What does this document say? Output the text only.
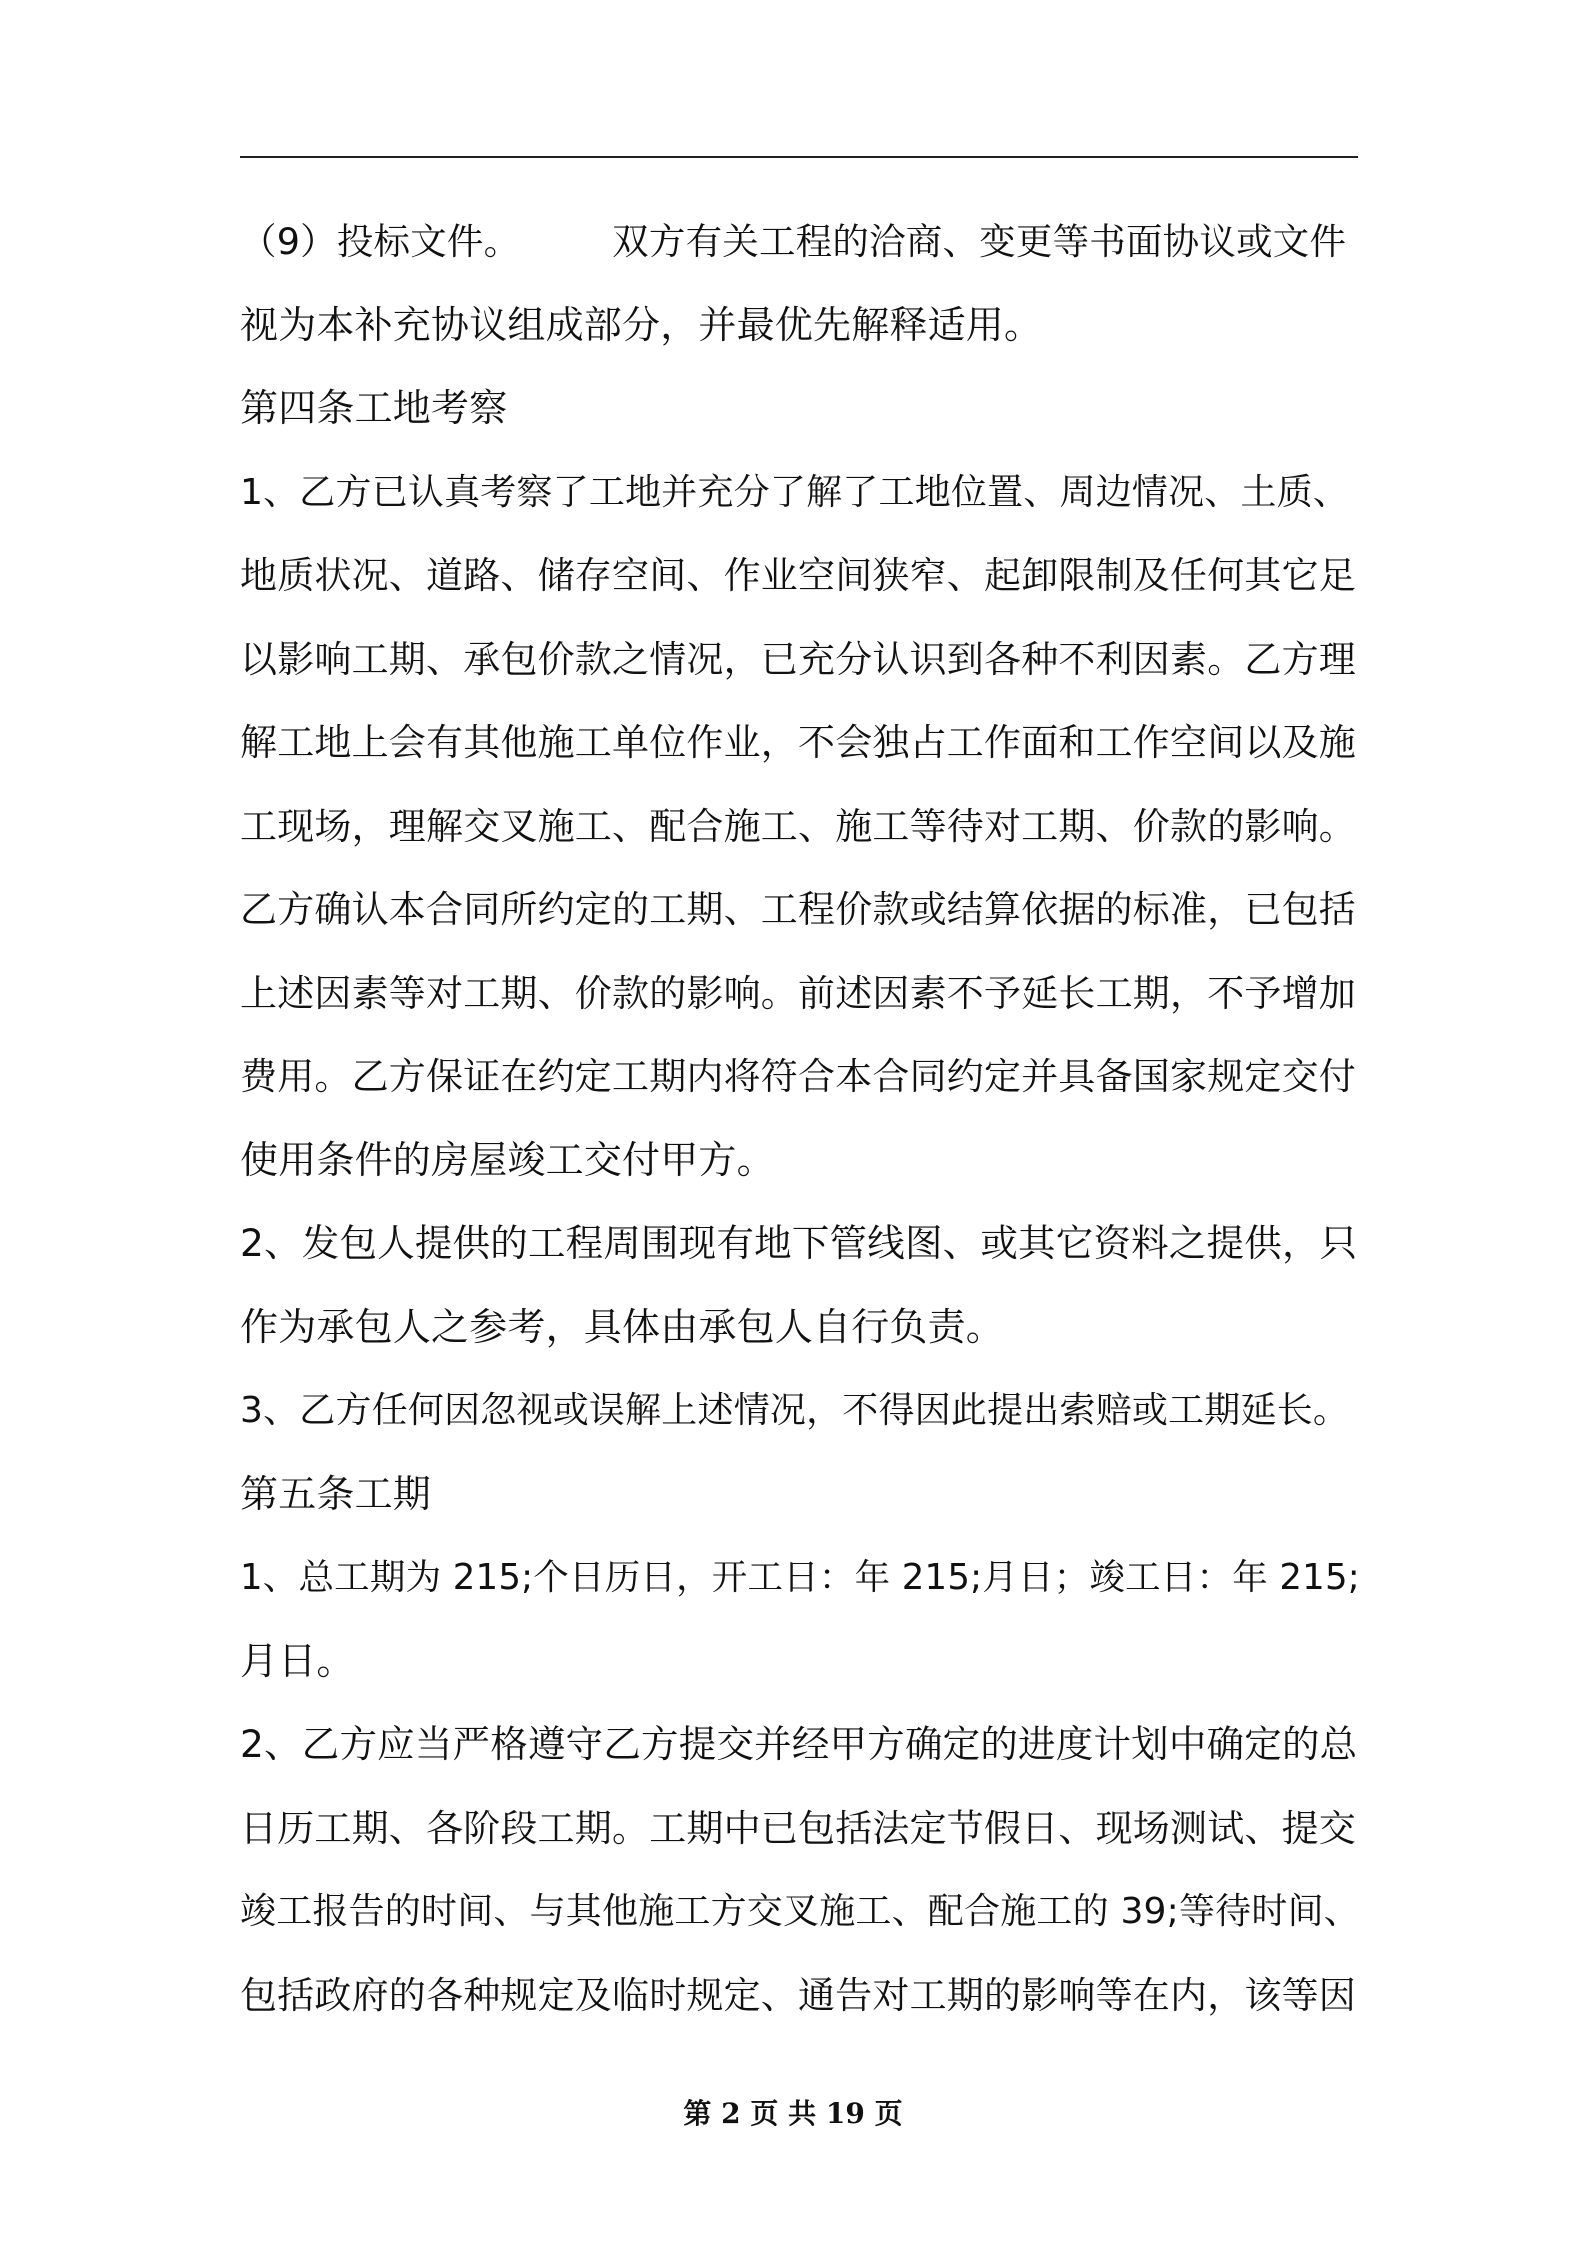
（9）投标文件。　　　双方有关工程的洽商、变更等书面协议或文件
视为本补充协议组成部分，并最优先解释适用。
第四条工地考察
1、乙方已认真考察了工地并充分了解了工地位置、周边情况、土质、
地质状况、道路、储存空间、作业空间狭窄、起卸限制及任何其它足
以影响工期、承包价款之情况，已充分认识到各种不利因素。乙方理
解工地上会有其他施工单位作业，不会独占工作面和工作空间以及施
工现场，理解交叉施工、配合施工、施工等待对工期、价款的影响。
乙方确认本合同所约定的工期、工程价款或结算依据的标准，已包括
上述因素等对工期、价款的影响。前述因素不予延长工期，不予增加
费用。乙方保证在约定工期内将符合本合同约定并具备国家规定交付
使用条件的房屋竣工交付甲方。
2、发包人提供的工程周围现有地下管线图、或其它资料之提供，只
作为承包人之参考，具体由承包人自行负责。
3、乙方任何因忽视或误解上述情况，不得因此提出索赔或工期延长。
第五条工期
1、总工期为 215;个日历日，开工日：年 215;月日；竣工日：年 215;
月日。
2、乙方应当严格遵守乙方提交并经甲方确定的进度计划中确定的总
日历工期、各阶段工期。工期中已包括法定节假日、现场测试、提交
竣工报告的时间、与其他施工方交叉施工、配合施工的 39;等待时间、
包括政府的各种规定及临时规定、通告对工期的影响等在内，该等因
第 2 页 共 19 页
